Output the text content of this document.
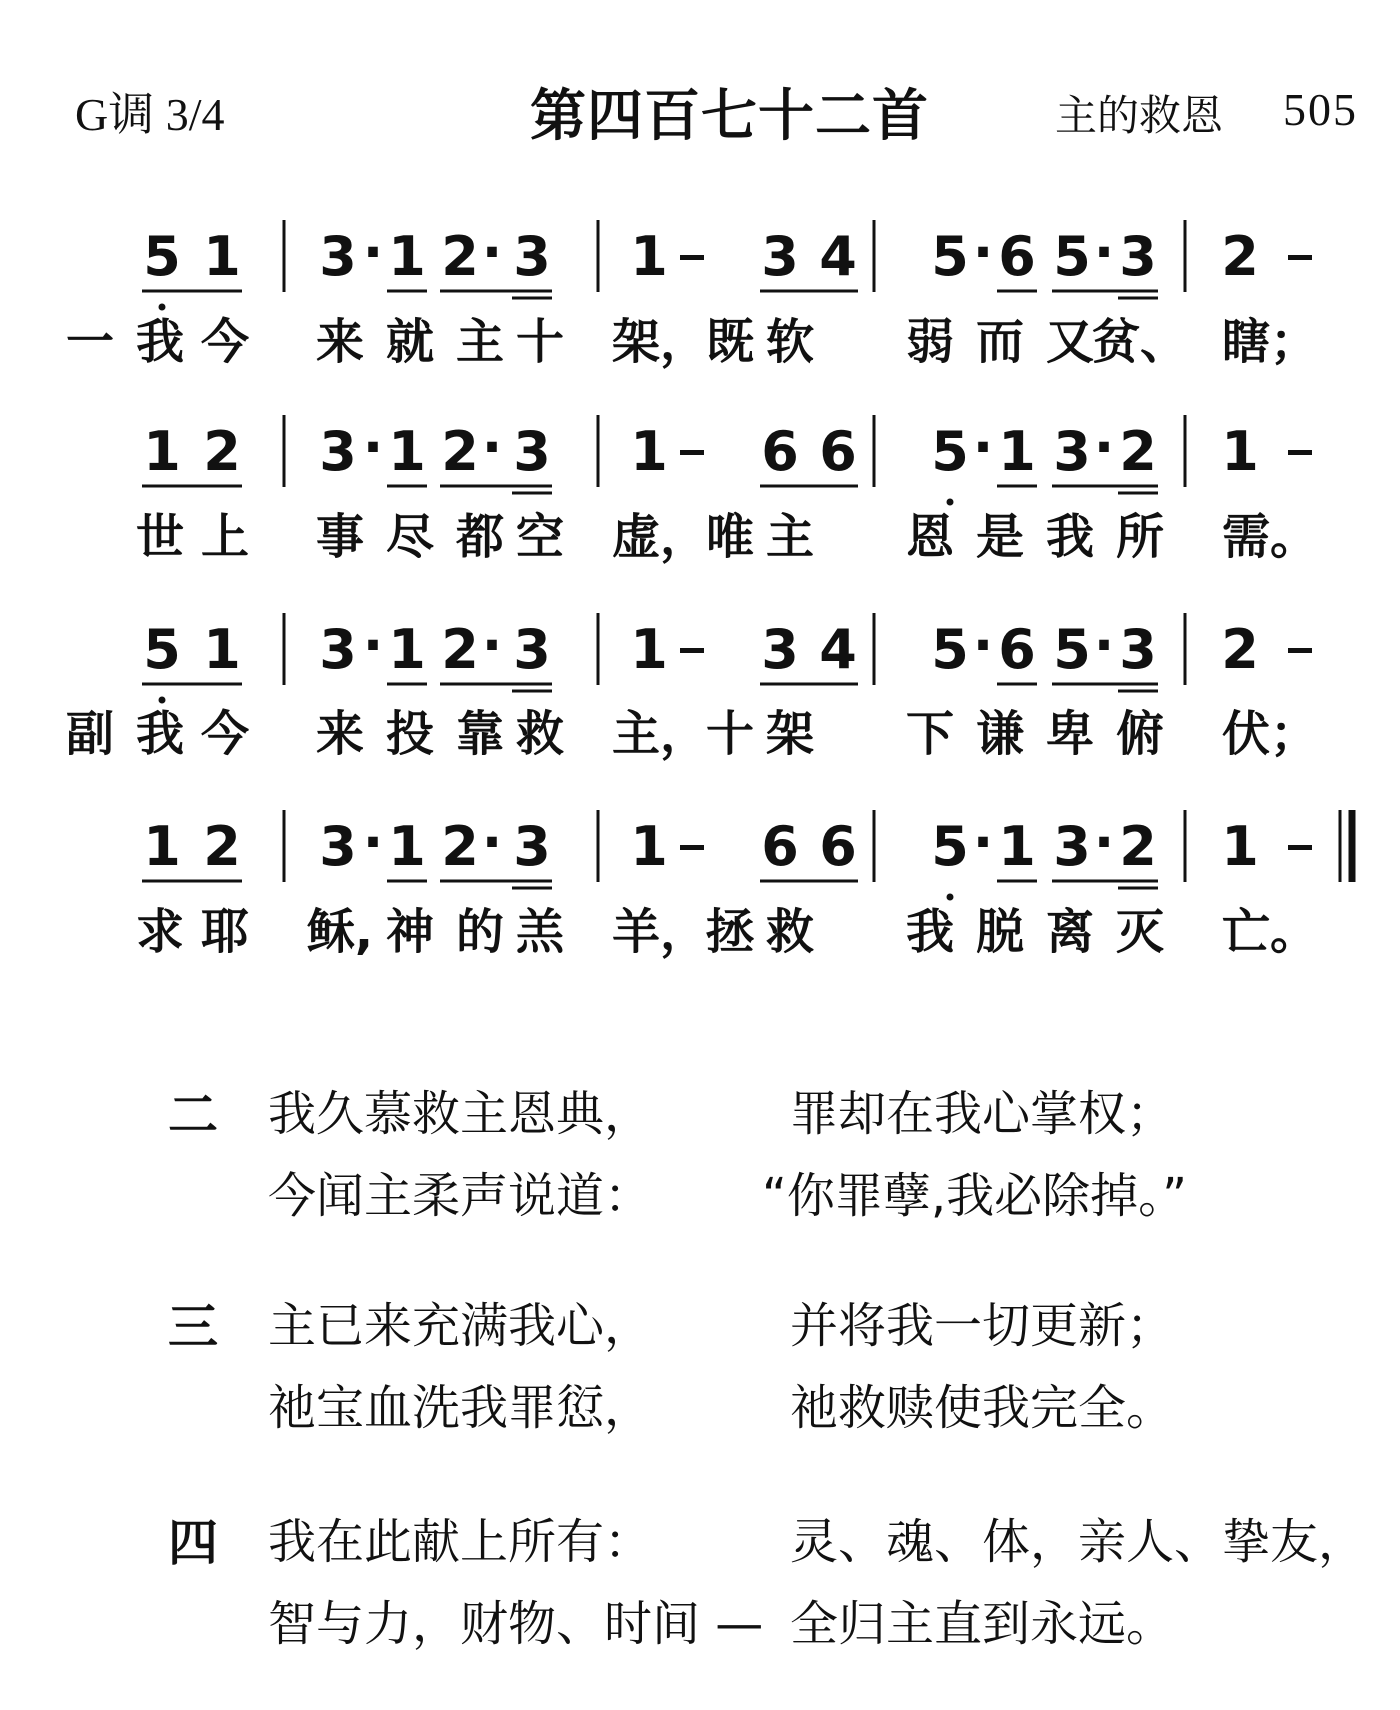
G调 3/4	第四百七十二首	主的救恩 505
5 1 3 · 1 2 · 3 1 3 4 5 · 6 5 · 3 2
一 我 今 来 就 主 十 架，
既 软 弱 而 又
贫、 瞎；
1 2 3 · 1 2 · 3 1 6 6 5 · 1 3 · 2 1
世 上 事 尽 都 空 虚，
唯 主 恩 是 我 所 需。
5 1 3 · 1 2 · 3 1 3 4 5 · 6 5 · 3 2
副 我 今 来 投 靠 救 主，
十 架 下 谦 卑 俯 伏；
1 2 3 · 1 2 · 3 1 6 6 5 · 1 3 · 2 1
求 耶 稣, 神 的 羔 羊，
拯 救 我 脱 离 灭 亡。
二 我久慕救主恩典，	罪却在我心掌权；
今闻主柔声说道： “你罪孽,我必除掉。”
三 主已来充满我心，	并将我一切更新；
祂宝血洗我罪愆，	祂救赎使我完全。
四 我在此献上所有：	灵、魂、体，亲人、挚友，
智与力，财物、时间 — 全归主直到永远。
